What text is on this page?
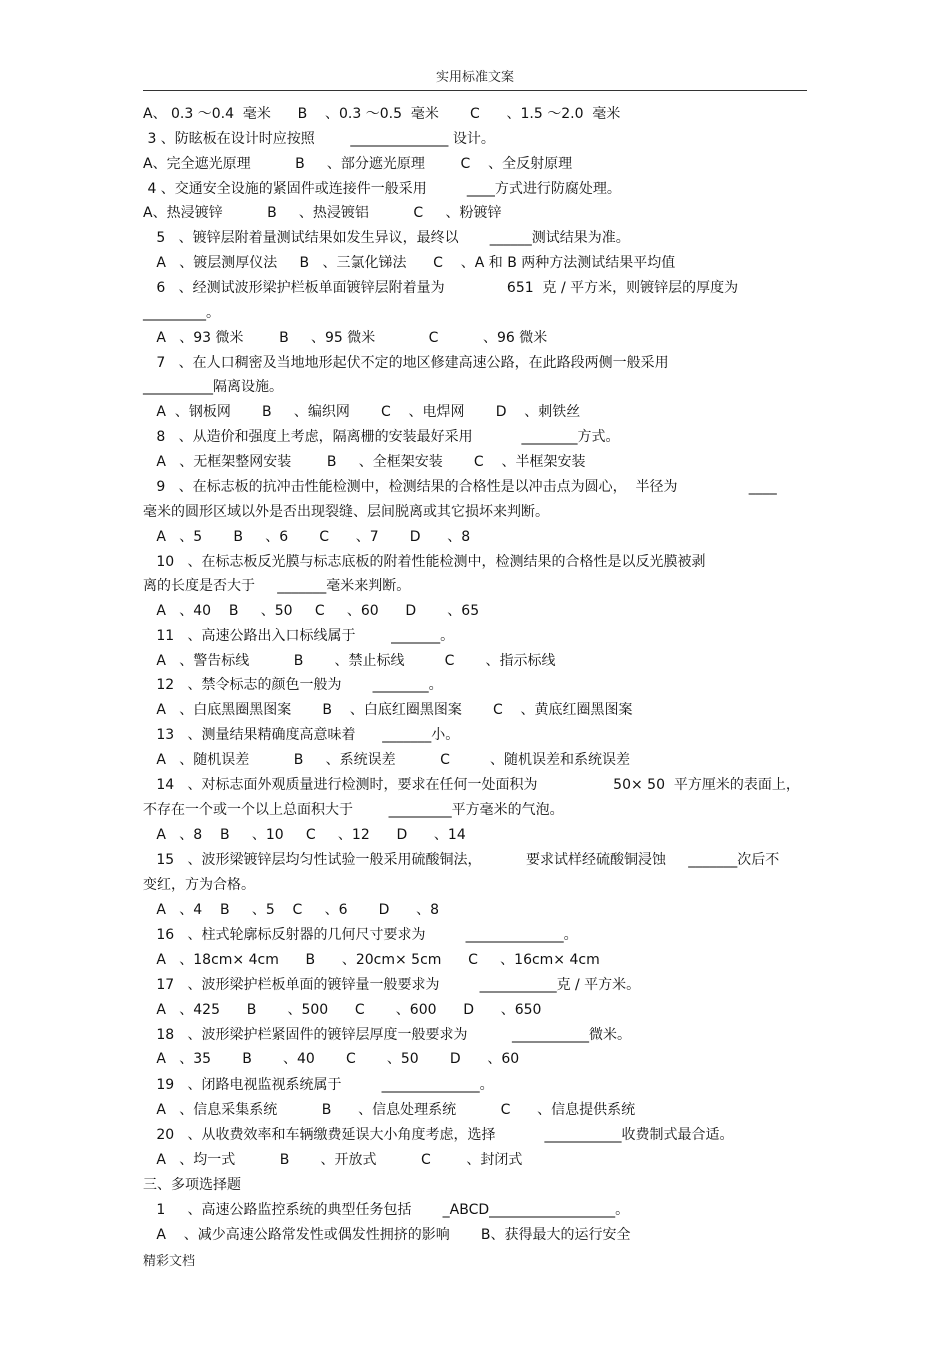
实用标准文案
A、 0.3 ～0.4  毫米      B    、0.3 ～0.5  毫米       C      、1.5 ～2.0  毫米
3 、防眩板在设计时应按照        ______________ 设计。
A、完全遮光原理          B     、部分遮光原理        C    、全反射原理
4 、交通安全设施的紧固件或连接件一般采用         ____方式进行防腐处理。
A、热浸镀锌          B     、热浸镀铝          C     、粉镀锌
5   、镀锌层附着量测试结果如发生异议，最终以       ______测试结果为准。
A   、镀层测厚仪法     B   、三氯化锑法      C    、A 和 B 两种方法测试结果平均值
6   、经测试波形梁护栏板单面镀锌层附着量为              651  克 / 平方米，则镀锌层的厚度为
_________。
A   、93 微米        B     、95 微米            C          、96 微米
7   、在人口稠密及当地地形起伏不定的地区修建高速公路，在此路段两侧一般采用
__________隔离设施。
A  、钢板网       B     、编织网       C    、电焊网       D    、刺铁丝
8   、从造价和强度上考虑，隔离栅的安装最好采用           ________方式。
A   、无框架整网安装        B     、全框架安装       C    、半框架安装
9   、在标志板的抗冲击性能检测中，检测结果的合格性是以冲击点为圆心，  半径为                ____
毫米的圆形区域以外是否出现裂缝、层间脱离或其它损坏来判断。
A   、5       B     、6       C      、7       D      、8
10   、在标志板反光膜与标志底板的附着性能检测中，检测结果的合格性是以反光膜被剥
离的长度是否大于     _______毫米来判断。
A   、40    B     、50     C     、60      D       、65
11   、高速公路出入口标线属于        _______。
A   、警告标线          B       、禁止标线         C       、指示标线
12   、禁令标志的颜色一般为       ________。
A   、白底黑圈黑图案       B    、白底红圈黑图案       C    、黄底红圈黑图案
13   、测量结果精确度高意味着      _______小。
A   、随机误差          B     、系统误差          C         、随机误差和系统误差
14   、对标志面外观质量进行检测时，要求在任何一处面积为                 50× 50  平方厘米的表面上，
不存在一个或一个以上总面积大于        _________平方毫米的气泡。
A   、8    B     、10     C     、12      D      、14
15   、波形梁镀锌层均匀性试验一般采用硫酸铜法，          要求试样经硫酸铜浸蚀     _______次后不
变红，方为合格。
A   、4    B     、5    C     、6       D      、8
16   、柱式轮廓标反射器的几何尺寸要求为         ______________。
A   、18cm× 4cm      B      、20cm× 5cm      C     、16cm× 4cm
17   、波形梁护栏板单面的镀锌量一般要求为         ___________克 / 平方米。
A   、425      B       、500      C       、600      D      、650
18   、波形梁护栏紧固件的镀锌层厚度一般要求为          ___________微米。
A   、35       B       、40       C       、50       D      、60
19   、闭路电视监视系统属于         ______________。
A   、信息采集系统          B      、信息处理系统          C      、信息提供系统
20   、从收费效率和车辆缴费延误大小角度考虑，选择           ___________收费制式最合适。
A   、均一式          B       、开放式          C        、封闭式
三、多项选择题
1     、高速公路监控系统的典型任务包括       _ABCD__________________。
A    、减少高速公路常发性或偶发性拥挤的影响       B、获得最大的运行安全
精彩文档
